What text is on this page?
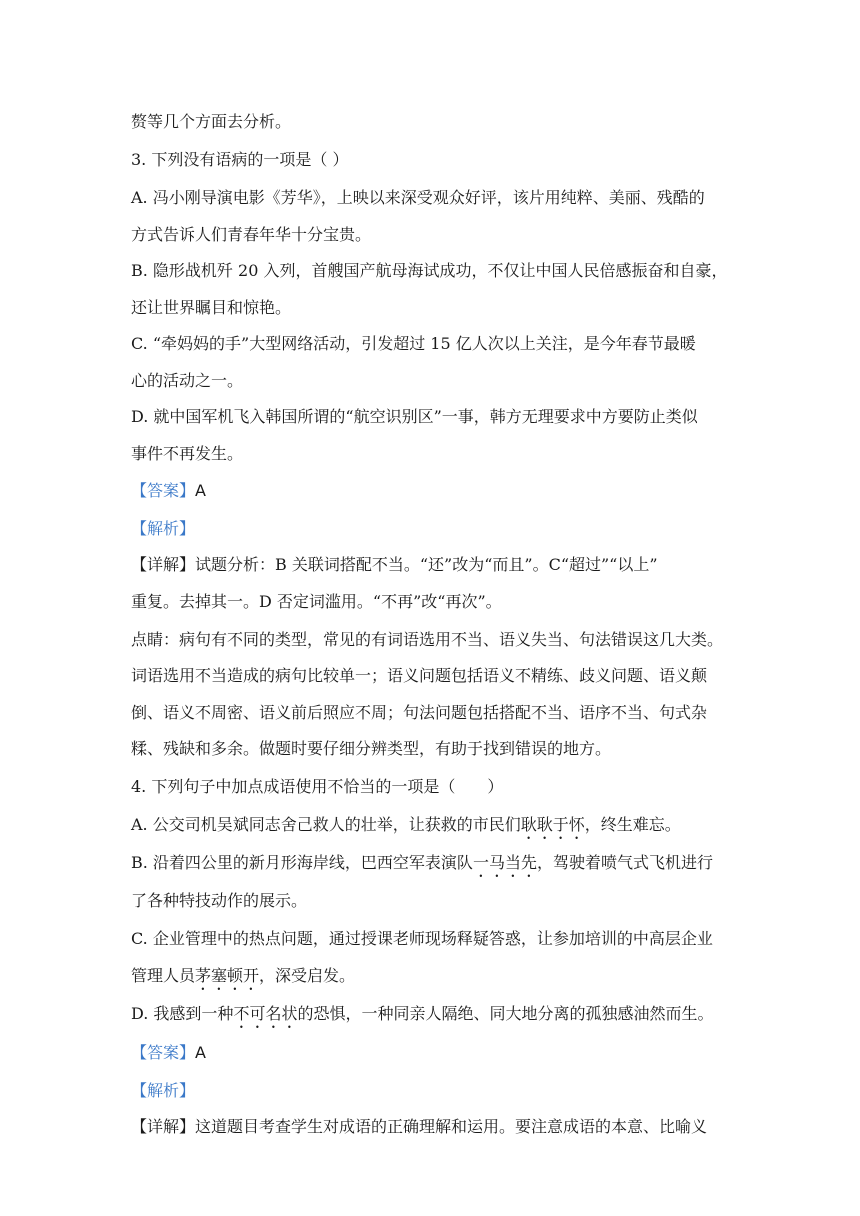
赘等几个方面去分析。
3. 下列没有语病的一项是（ ）
A. 冯小刚导演电影《芳华》，上映以来深受观众好评，该片用纯粹、美丽、残酷的
方式告诉人们青春年华十分宝贵。
B. 隐形战机歼 20 入列，首艘国产航母海试成功，不仅让中国人民倍感振奋和自豪，
还让世界瞩目和惊艳。
C. “牵妈妈的手”大型网络活动，引发超过 15 亿人次以上关注，是今年春节最暖
心的活动之一。
D. 就中国军机飞入韩国所谓的“航空识别区”一事，韩方无理要求中方要防止类似
事件不再发生。
【答案】A
【解析】
【详解】试题分析：B 关联词搭配不当。“还”改为“而且”。C“超过”“以上”
重复。去掉其一。D 否定词滥用。“不再”改“再次”。
点睛：病句有不同的类型，常见的有词语选用不当、语义失当、句法错误这几大类。
词语选用不当造成的病句比较单一；语义问题包括语义不精练、歧义问题、语义颠
倒、语义不周密、语义前后照应不周；句法问题包括搭配不当、语序不当、句式杂
糅、残缺和多余。做题时要仔细分辨类型，有助于找到错误的地方。
4. 下列句子中加点成语使用不恰当的一项是（　　）
A. 公交司机吴斌同志舍己救人的壮举，让获救的市民们耿耿于怀，终生难忘。
B. 沿着四公里的新月形海岸线，巴西空军表演队一马当先，驾驶着喷气式飞机进行
了各种特技动作的展示。
C. 企业管理中的热点问题，通过授课老师现场释疑答惑，让参加培训的中高层企业
管理人员茅塞顿开，深受启发。
D. 我感到一种不可名状的恐惧，一种同亲人隔绝、同大地分离的孤独感油然而生。
【答案】A
【解析】
【详解】这道题目考查学生对成语的正确理解和运用。要注意成语的本意、比喻义
